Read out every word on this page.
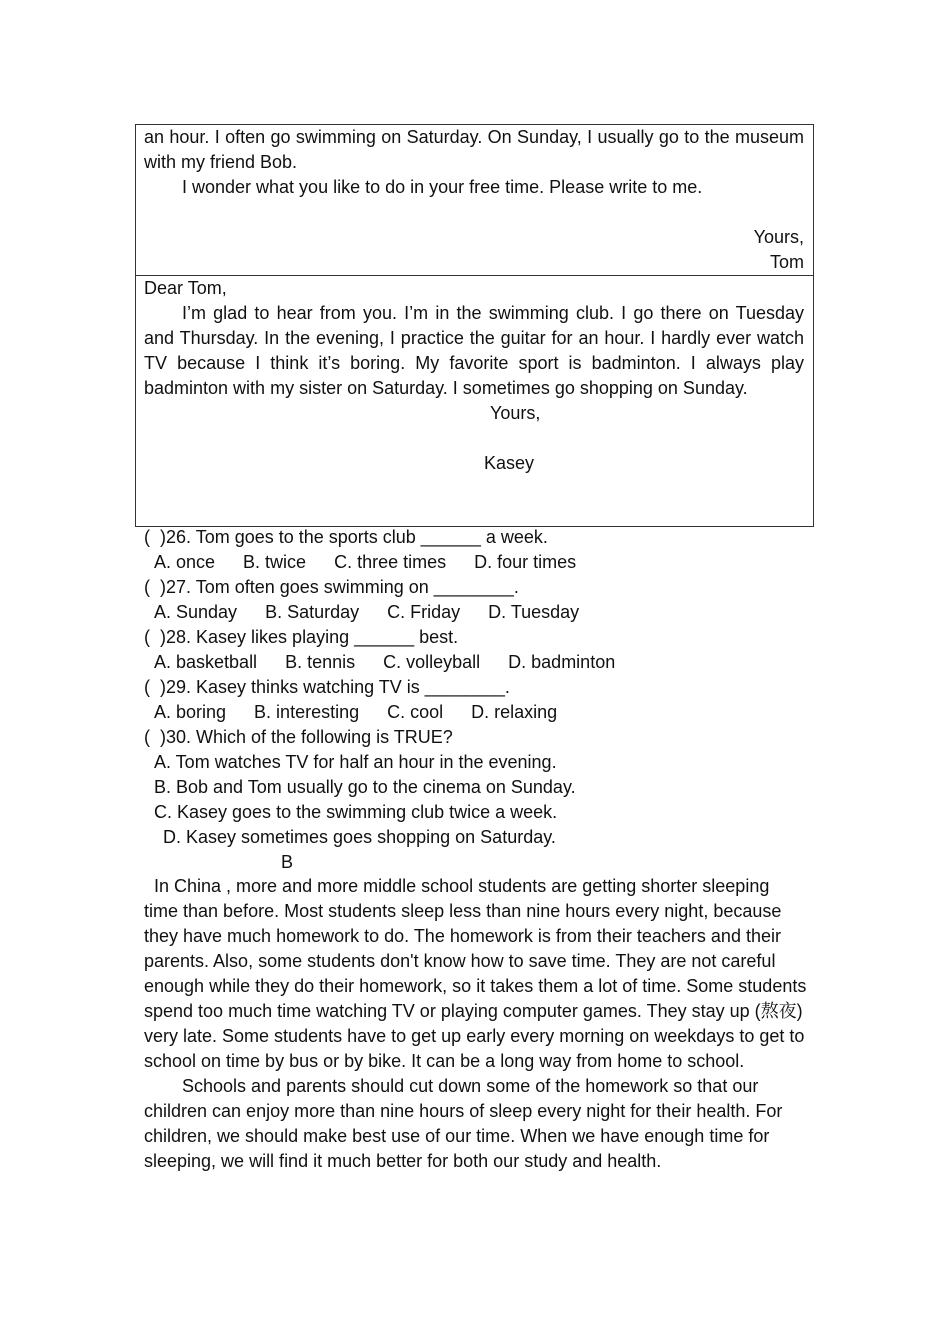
an hour. I often go swimming on Saturday. On Sunday, I usually go to the museum with my friend Bob.

I wonder what you like to do in your free time. Please write to me.

Yours,

Tom

Dear Tom,

I’m glad to hear from you. I’m in the swimming club. I go there on Tuesday and Thursday. In the evening, I practice the guitar for an hour. I hardly ever watch TV because I think it’s boring. My favorite sport is badminton. I always play badminton with my sister on Saturday. I sometimes go shopping on Sunday.

Yours,

Kasey

(  )26. Tom goes to the sports club ______ a week.
A. once B. twice C. three times D. four times
(  )27. Tom often goes swimming on ________.
A. Sunday B. Saturday C. Friday D. Tuesday
(  )28. Kasey likes playing ______ best.
A. basketball B. tennis C. volleyball D. badminton
(  )29. Kasey thinks watching TV is ________.
A. boring B. interesting C. cool D. relaxing
(  )30. Which of the following is TRUE?
A. Tom watches TV for half an hour in the evening.
B. Bob and Tom usually go to the cinema on Sunday.
C. Kasey goes to the swimming club twice a week.
D. Kasey sometimes goes shopping on Saturday.
B

In China , more and more middle school students are getting shorter sleeping time than before. Most students sleep less than nine hours every night, because they have much homework to do. The homework is from their teachers and their parents. Also, some students don't know how to save time. They are not careful enough while they do their homework, so it takes them a lot of time. Some students spend too much time watching TV or playing computer games. They stay up (熬夜) very late. Some students have to get up early every morning on weekdays to get to school on time by bus or by bike. It can be a long way from home to school.

Schools and parents should cut down some of the homework so that our children can enjoy more than nine hours of sleep every night for their health. For children, we should make best use of our time. When we have enough time for sleeping, we will find it much better for both our study and health.
